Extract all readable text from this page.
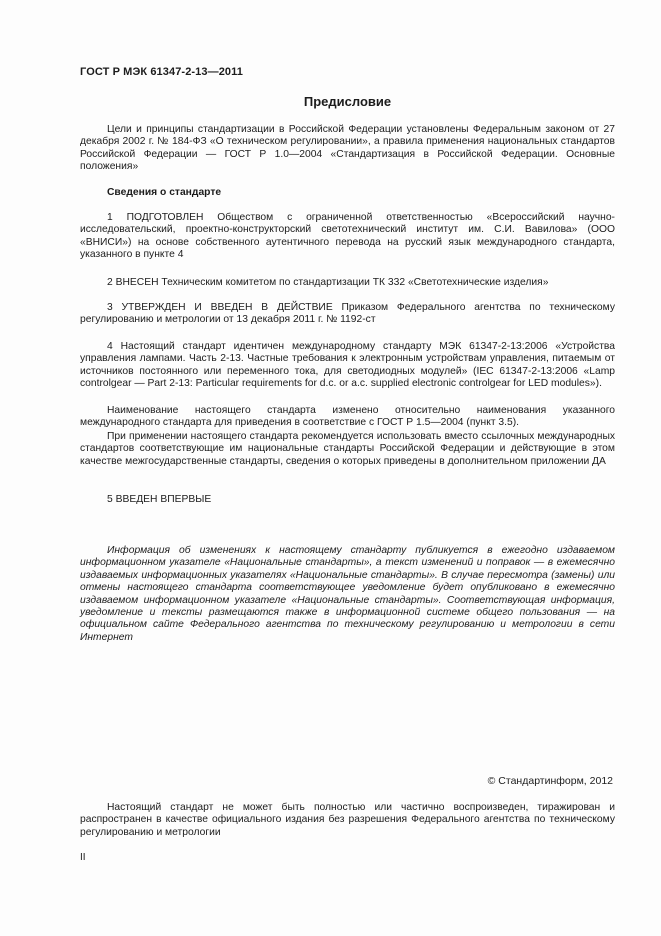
ГОСТ Р МЭК 61347-2-13—2011
Предисловие
Цели и принципы стандартизации в Российской Федерации установлены Федеральным законом от 27 декабря 2002 г. № 184-ФЗ «О техническом регулировании», а правила применения национальных стандартов Российской Федерации — ГОСТ Р 1.0—2004 «Стандартизация в Российской Федерации. Основные положения»
Сведения о стандарте
1 ПОДГОТОВЛЕН Обществом с ограниченной ответственностью «Всероссийский научно-исследовательский, проектно-конструкторский светотехнический институт им. С.И. Вавилова» (ООО «ВНИСИ») на основе собственного аутентичного перевода на русский язык международного стандарта, указанного в пункте 4
2 ВНЕСЕН Техническим комитетом по стандартизации ТК 332 «Светотехнические изделия»
3 УТВЕРЖДЕН И ВВЕДЕН В ДЕЙСТВИЕ Приказом Федерального агентства по техническому регулированию и метрологии от 13 декабря 2011 г. № 1192-ст
4 Настоящий стандарт идентичен международному стандарту МЭК 61347-2-13:2006 «Устройства управления лампами. Часть 2-13. Частные требования к электронным устройствам управления, питаемым от источников постоянного или переменного тока, для светодиодных модулей» (IEC 61347-2-13:2006 «Lamp controlgear — Part 2-13: Particular requirements for d.c. or a.c. supplied electronic controlgear for LED modules»).
Наименование настоящего стандарта изменено относительно наименования указанного международного стандарта для приведения в соответствие с ГОСТ Р 1.5—2004 (пункт 3.5).
При применении настоящего стандарта рекомендуется использовать вместо ссылочных международных стандартов соответствующие им национальные стандарты Российской Федерации и действующие в этом качестве межгосударственные стандарты, сведения о которых приведены в дополнительном приложении ДА
5 ВВЕДЕН ВПЕРВЫЕ
Информация об изменениях к настоящему стандарту публикуется в ежегодно издаваемом информационном указателе «Национальные стандарты», а текст изменений и поправок — в ежемесячно издаваемых информационных указателях «Национальные стандарты». В случае пересмотра (замены) или отмены настоящего стандарта соответствующее уведомление будет опубликовано в ежемесячно издаваемом информационном указателе «Национальные стандарты». Соответствующая информация, уведомление и тексты размещаются также в информационной системе общего пользования — на официальном сайте Федерального агентства по техническому регулированию и метрологии в сети Интернет
© Стандартинформ, 2012
Настоящий стандарт не может быть полностью или частично воспроизведен, тиражирован и распространен в качестве официального издания без разрешения Федерального агентства по техническому регулированию и метрологии
II
